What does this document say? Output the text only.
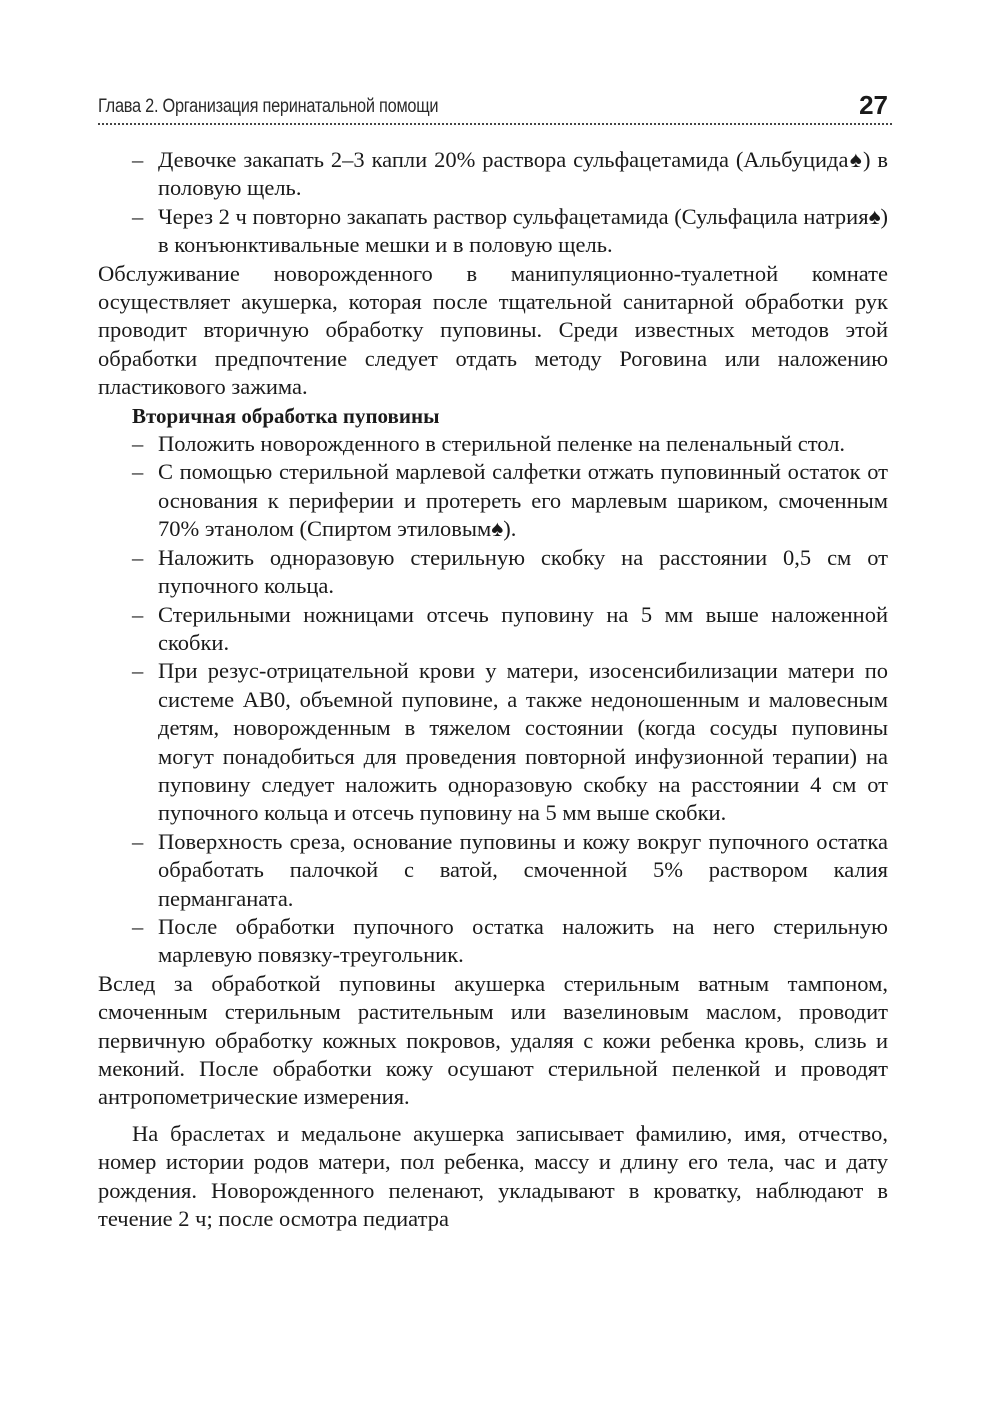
Глава 2. Организация перинатальной помощи	27
– Девочке закапать 2–3 капли 20% раствора сульфацетамида (Альбуцида♠) в половую щель.
– Через 2 ч повторно закапать раствор сульфацетамида (Сульфацила натрия♠) в конъюнктивальные мешки и в половую щель.

Обслуживание новорожденного в манипуляционно-туалетной комнате осуществляет акушерка, которая после тщательной санитарной обработки рук проводит вторичную обработку пуповины. Среди известных методов этой обработки предпочтение следует отдать методу Роговина или наложению пластикового зажима.

Вторичная обработка пуповины

– Положить новорожденного в стерильной пеленке на пеленальный стол.
– С помощью стерильной марлевой салфетки отжать пуповинный остаток от основания к периферии и протереть его марлевым шариком, смоченным 70% этанолом (Спиртом этиловым♠).
– Наложить одноразовую стерильную скобку на расстоянии 0,5 см от пупочного кольца.
– Стерильными ножницами отсечь пуповину на 5 мм выше наложенной скобки.
– При резус-отрицательной крови у матери, изосенсибилизации матери по системе AB0, объемной пуповине, а также недоношенным и маловесным детям, новорожденным в тяжелом состоянии (когда сосуды пуповины могут понадобиться для проведения повторной инфузионной терапии) на пуповину следует наложить одноразовую скобку на расстоянии 4 см от пупочного кольца и отсечь пуповину на 5 мм выше скобки.
– Поверхность среза, основание пуповины и кожу вокруг пупочного остатка обработать палочкой с ватой, смоченной 5% раствором калия перманганата.
– После обработки пупочного остатка наложить на него стерильную марлевую повязку-треугольник.

Вслед за обработкой пуповины акушерка стерильным ватным тампоном, смоченным стерильным растительным или вазелиновым маслом, проводит первичную обработку кожных покровов, удаляя с кожи ребенка кровь, слизь и меконий. После обработки кожу осушают стерильной пеленкой и проводят антропометрические измерения.

На браслетах и медальоне акушерка записывает фамилию, имя, отчество, номер истории родов матери, пол ребенка, массу и длину его тела, час и дату рождения. Новорожденного пеленают, укладывают в кроватку, наблюдают в течение 2 ч; после осмотра педиатра
